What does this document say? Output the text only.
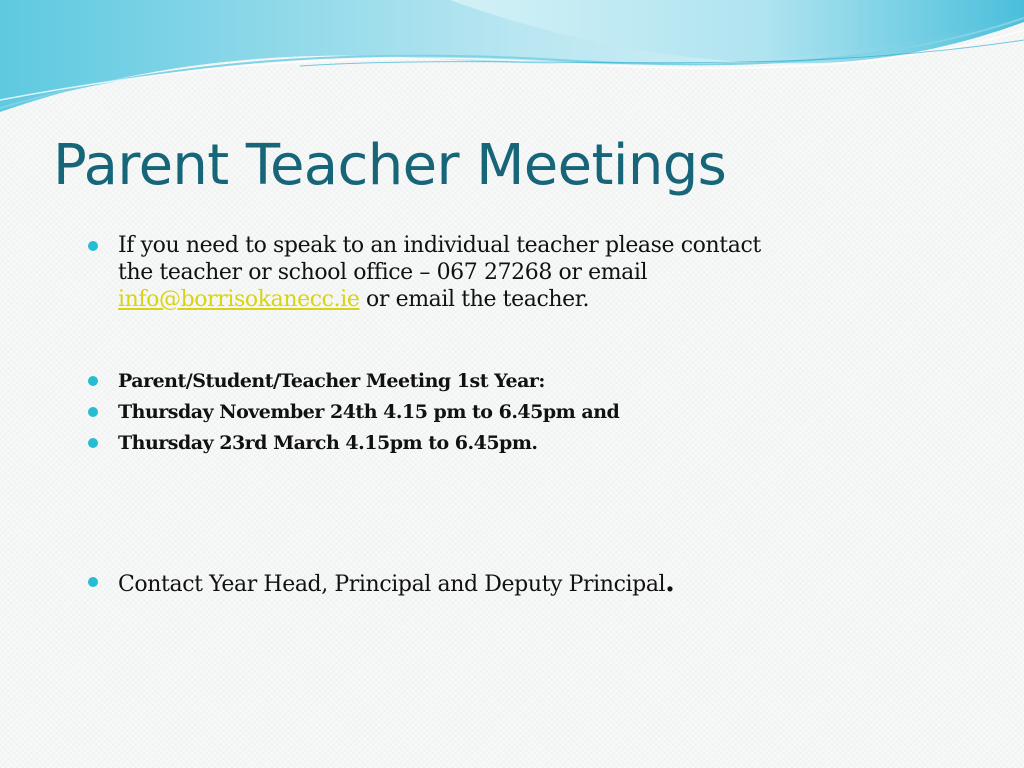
Parent Teacher Meetings
If you need to speak to an individual teacher please contact
the teacher or school office – 067 27268 or email
info@borrisokanecc.ie or email the teacher.
Parent/Student/Teacher Meeting 1st Year:
Thursday November 24th 4.15 pm to 6.45pm and
Thursday 23rd March 4.15pm to 6.45pm.
Contact Year Head, Principal and Deputy Principal.
